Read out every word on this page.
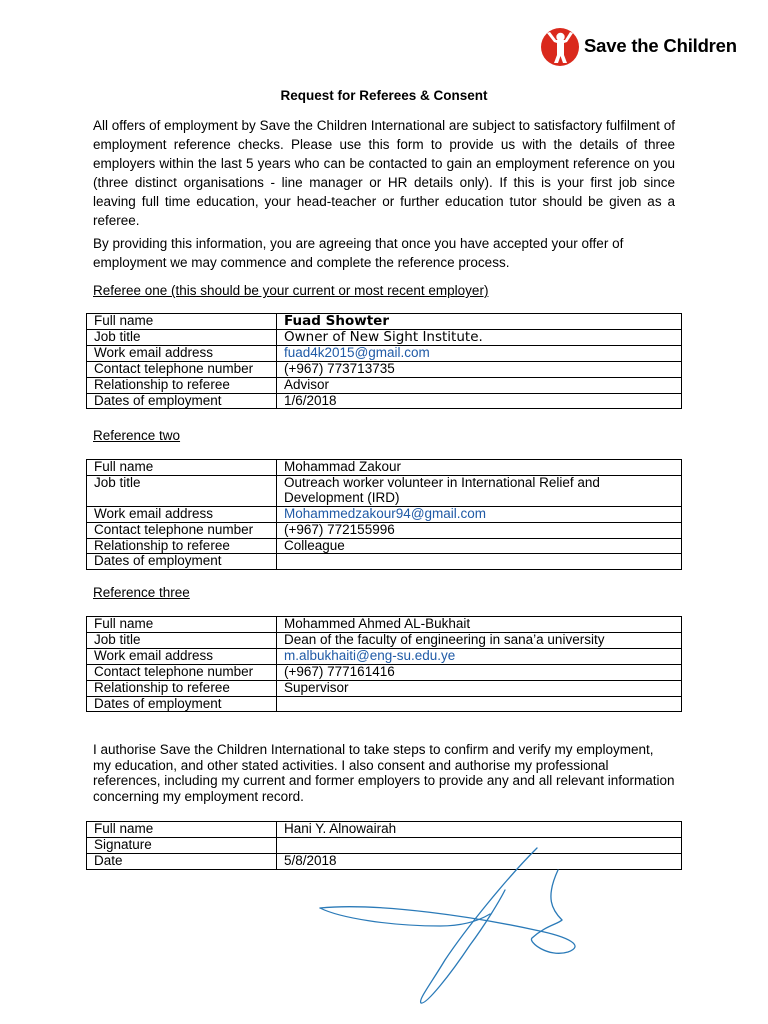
Save the Children
Request for Referees & Consent
All offers of employment by Save the Children International are subject to satisfactory fulfilment of employment reference checks. Please use this form to provide us with the details of three employers within the last 5 years who can be contacted to gain an employment reference on you (three distinct organisations - line manager or HR details only). If this is your first job since leaving full time education, your head-teacher or further education tutor should be given as a referee.
By providing this information, you are agreeing that once you have accepted your offer of employment we may commence and complete the reference process.
Referee one (this should be your current or most recent employer)
Full name	Fuad Showter
Job title	Owner of New Sight Institute.
Work email address	fuad4k2015@gmail.com
Contact telephone number	(+967) 773713735
Relationship to referee	Advisor
Dates of employment	1/6/2018
Reference two
Full name	Mohammad Zakour
Job title	Outreach worker volunteer in International Relief and Development (IRD)
Work email address	Mohammedzakour94@gmail.com
Contact telephone number	(+967) 772155996
Relationship to referee	Colleague
Dates of employment	
Reference three
Full name	Mohammed Ahmed AL-Bukhait
Job title	Dean of the faculty of engineering in sana’a university
Work email address	m.albukhaiti@eng-su.edu.ye
Contact telephone number	(+967) 777161416
Relationship to referee	Supervisor
Dates of employment	
I authorise Save the Children International to take steps to confirm and verify my employment, my education, and other stated activities. I also consent and authorise my professional references, including my current and former employers to provide any and all relevant information concerning my employment record.
Full name	Hani Y. Alnowairah
Signature	
Date	5/8/2018
